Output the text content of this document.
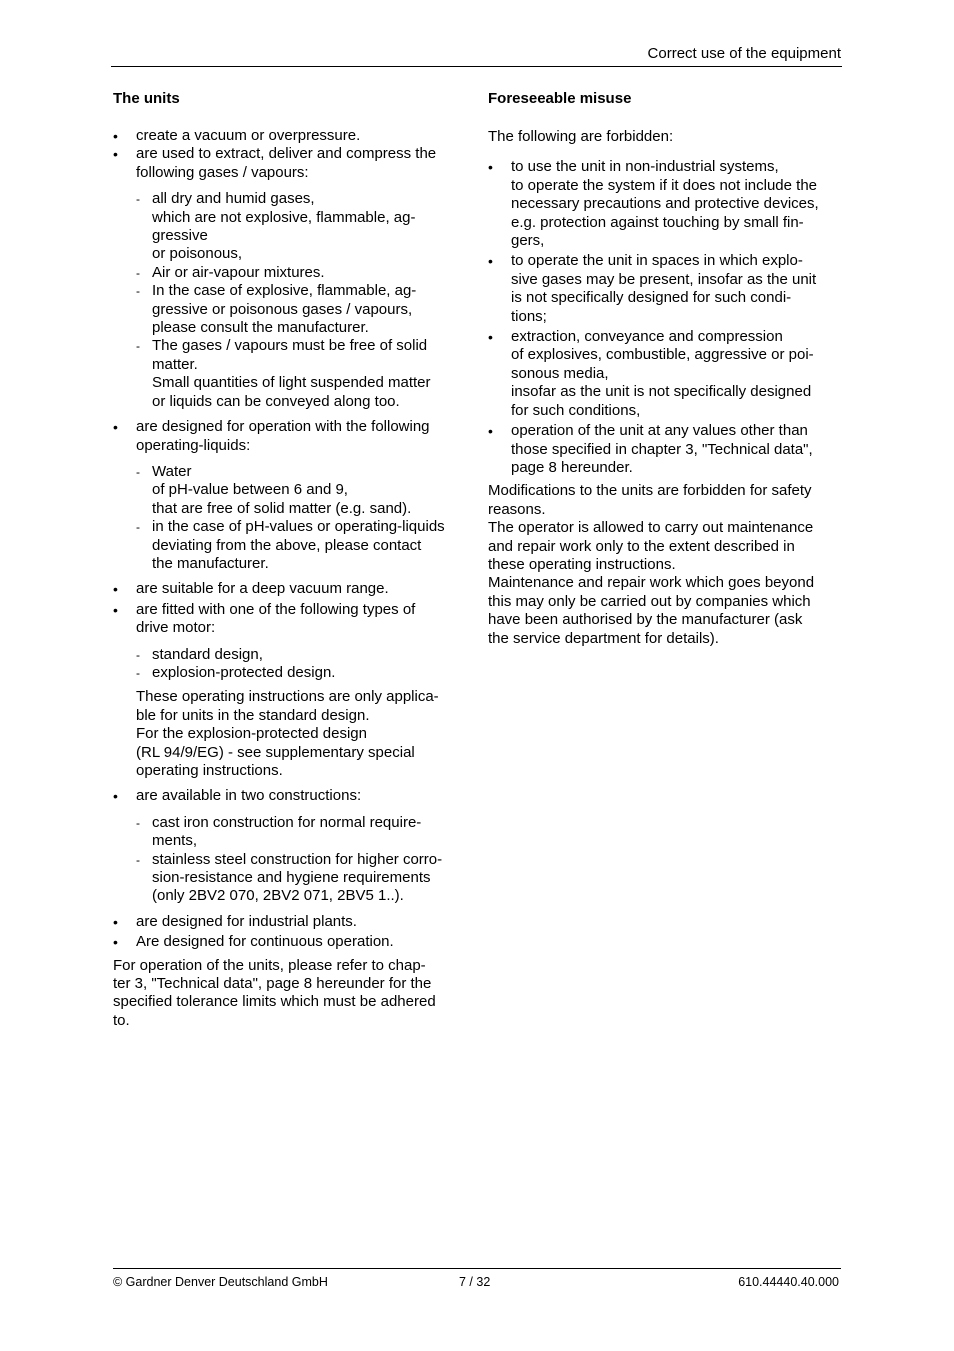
Correct use of the equipment
The units
• create a vacuum or overpressure.
• are used to extract, deliver and compress the
following gases / vapours:
- all dry and humid gases,
which are not explosive, flammable, ag-
gressive
or poisonous,
- Air or air-vapour mixtures.
- In the case of explosive, flammable, ag-
gressive or poisonous gases / vapours,
please consult the manufacturer.
- The gases / vapours must be free of solid
matter.
Small quantities of light suspended matter
or liquids can be conveyed along too.
• are designed for operation with the following
operating-liquids:
- Water
of pH-value between 6 and 9,
that are free of solid matter (e.g. sand).
- in the case of pH-values or operating-liquids
deviating from the above, please contact
the manufacturer.
• are suitable for a deep vacuum range.
• are fitted with one of the following types of
drive motor:
- standard design,
- explosion-protected design.
These operating instructions are only applica-
ble for units in the standard design.
For the explosion-protected design
(RL 94/9/EG) - see supplementary special
operating instructions.
• are available in two constructions:
- cast iron construction for normal require-
ments,
- stainless steel construction for higher corro-
sion-resistance and hygiene requirements
(only 2BV2 070, 2BV2 071, 2BV5 1..).
• are designed for industrial plants.
• Are designed for continuous operation.
For operation of the units, please refer to chap-
ter 3, "Technical data", page 8 hereunder for the
specified tolerance limits which must be adhered
to.
Foreseeable misuse
The following are forbidden:
• to use the unit in non-industrial systems,
to operate the system if it does not include the
necessary precautions and protective devices,
e.g. protection against touching by small fin-
gers,
• to operate the unit in spaces in which explo-
sive gases may be present, insofar as the unit
is not specifically designed for such condi-
tions;
• extraction, conveyance and compression
of explosives, combustible, aggressive or poi-
sonous media,
insofar as the unit is not specifically designed
for such conditions,
• operation of the unit at any values other than
those specified in chapter 3, "Technical data",
page 8 hereunder.
Modifications to the units are forbidden for safety
reasons.
The operator is allowed to carry out maintenance
and repair work only to the extent described in
these operating instructions.
Maintenance and repair work which goes beyond
this may only be carried out by companies which
have been authorised by the manufacturer (ask
the service department for details).
© Gardner Denver Deutschland GmbH	7 / 32	610.44440.40.000
